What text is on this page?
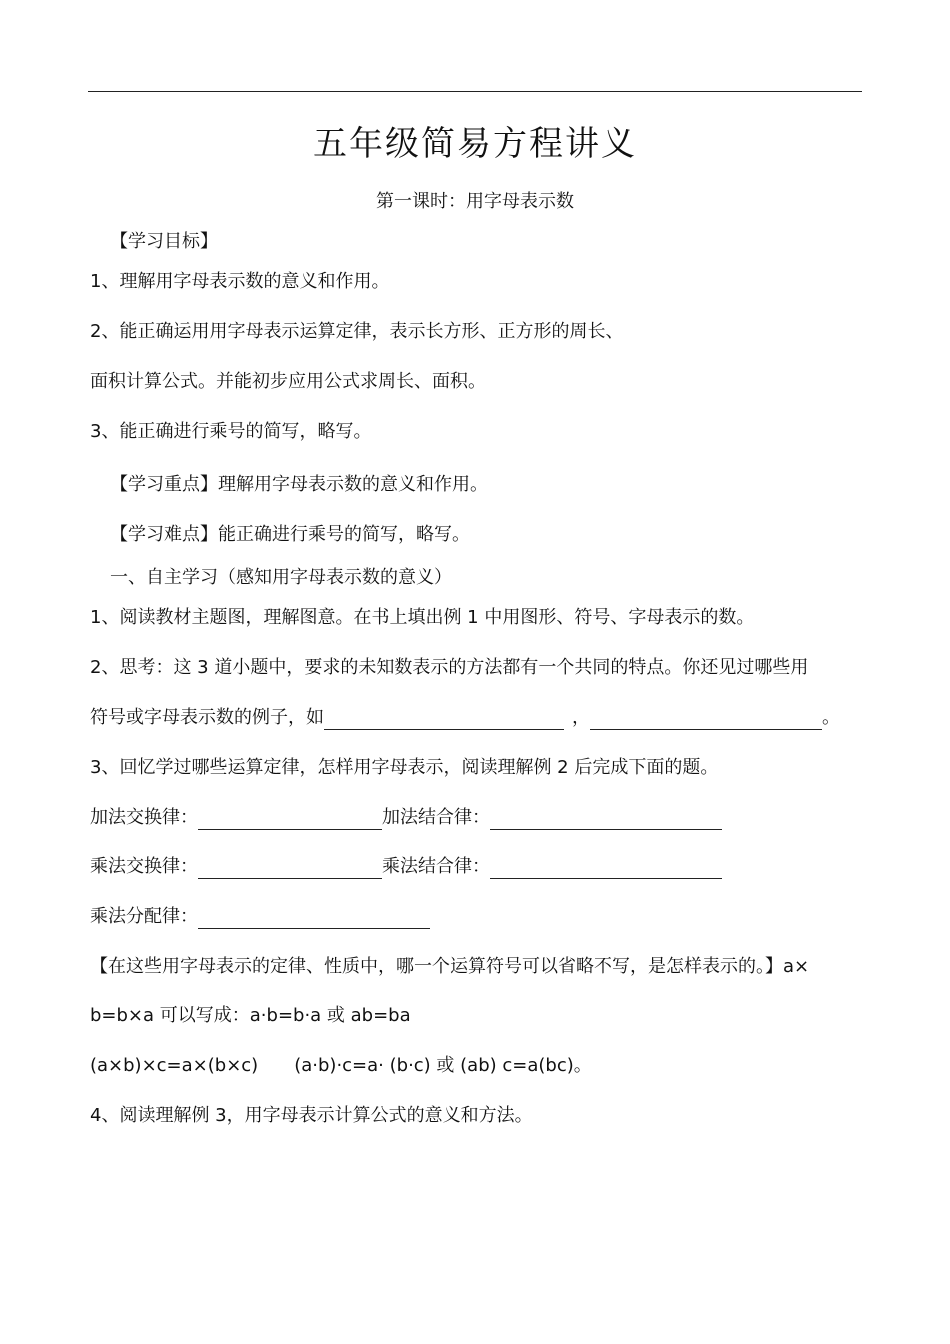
五年级简易方程讲义
第一课时：用字母表示数
【学习目标】
1、理解用字母表示数的意义和作用。
2、能正确运用用字母表示运算定律，表示长方形、正方形的周长、
面积计算公式。并能初步应用公式求周长、面积。
3、能正确进行乘号的简写，略写。
【学习重点】理解用字母表示数的意义和作用。
【学习难点】能正确进行乘号的简写，略写。
一、自主学习（感知用字母表示数的意义）
1、阅读教材主题图，理解图意。在书上填出例 1 中用图形、符号、字母表示的数。
2、思考：这 3 道小题中，要求的未知数表示的方法都有一个共同的特点。你还见过哪些用
符号或字母表示数的例子，如	，	。
3、回忆学过哪些运算定律，怎样用字母表示，阅读理解例 2 后完成下面的题。
加法交换律：	加法结合律：
乘法交换律：	乘法结合律：
乘法分配律：
【在这些用字母表示的定律、性质中，哪一个运算符号可以省略不写，是怎样表示的。】a×
b=b×a 可以写成：a·b=b·a 或 ab=ba
(a×b)×c=a×(b×c) (a·b)·c=a· (b·c) 或 (ab) c=a(bc)。
4、阅读理解例 3，用字母表示计算公式的意义和方法。
